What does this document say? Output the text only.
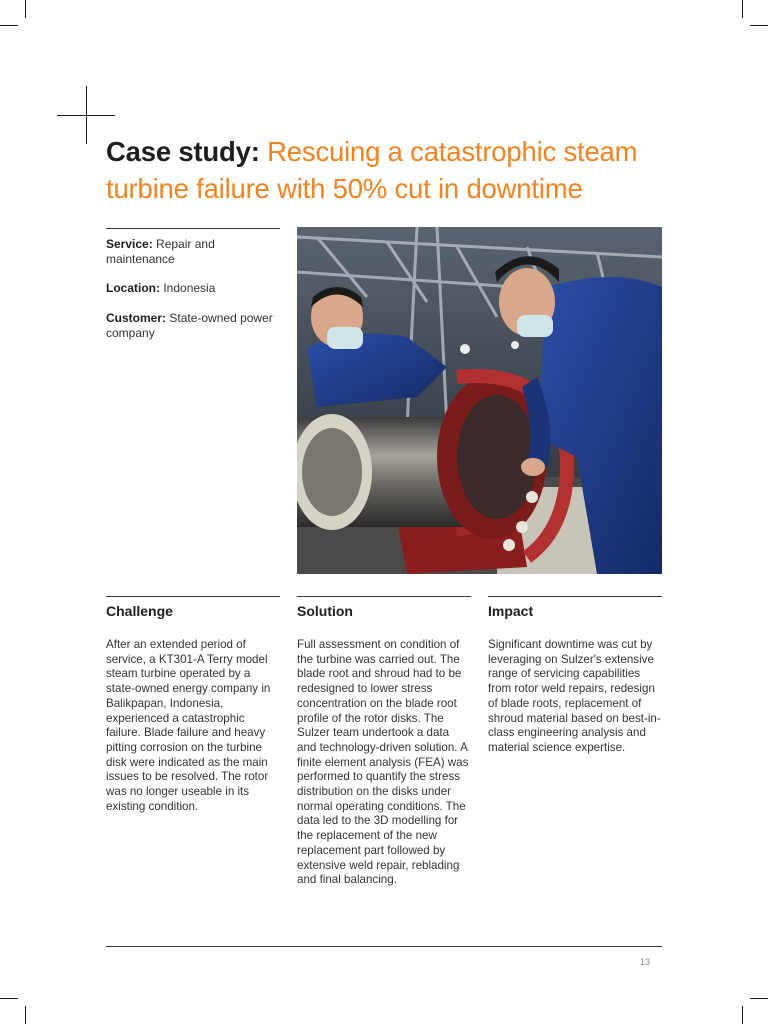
Case study: Rescuing a catastrophic steam turbine failure with 50% cut in downtime
Service: Repair and maintenance
Location: Indonesia
Customer: State-owned power company
Challenge

After an extended period of service, a KT301-A Terry model steam turbine operated by a state-owned energy company in Balikpapan, Indonesia, experienced a catastrophic failure. Blade failure and heavy pitting corrosion on the turbine disk were indicated as the main issues to be resolved. The rotor was no longer useable in its existing condition.

Solution

Full assessment on condition of the turbine was carried out. The blade root and shroud had to be redesigned to lower stress concentration on the blade root profile of the rotor disks. The Sulzer team undertook a data and technology-driven solution. A finite element analysis (FEA) was performed to quantify the stress distribution on the disks under normal operating conditions. The data led to the 3D modelling for the replacement of the new replacement part followed by extensive weld repair, reblading and final balancing.

Impact

Significant downtime was cut by leveraging on Sulzer's extensive range of servicing capabilities from rotor weld repairs, redesign of blade roots, replacement of shroud material based on best-in-class engineering analysis and material science expertise.

13
